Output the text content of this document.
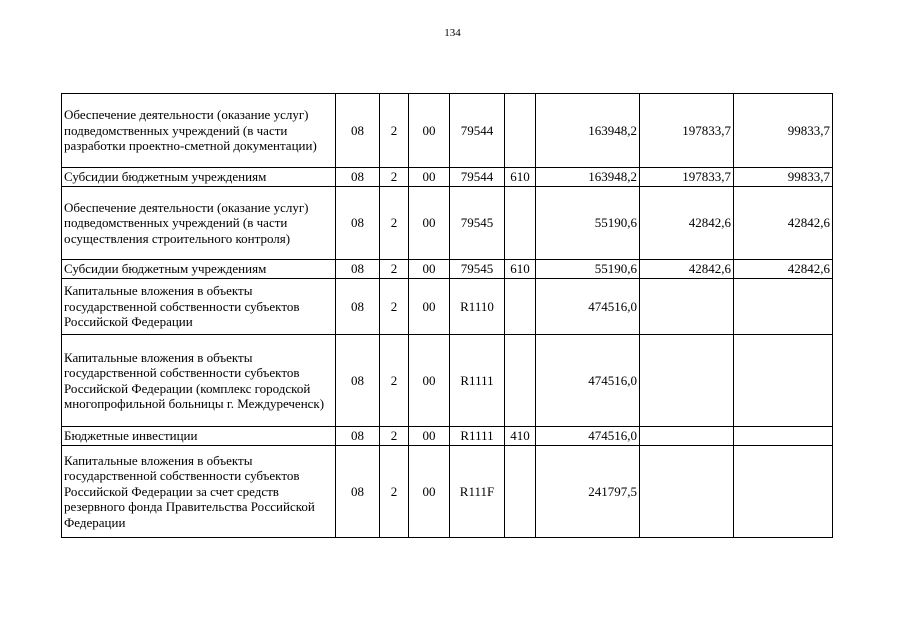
134
Обеспечение деятельности (оказание услуг) подведомственных учреждений (в части разработки проектно-сметной документации)	08	2	00	79544		163948,2	197833,7	99833,7
Субсидии бюджетным учреждениям	08	2	00	79544	610	163948,2	197833,7	99833,7
Обеспечение деятельности (оказание услуг) подведомственных учреждений (в части осуществления строительного контроля)	08	2	00	79545		55190,6	42842,6	42842,6
Субсидии бюджетным учреждениям	08	2	00	79545	610	55190,6	42842,6	42842,6
Капитальные вложения в объекты государственной собственности субъектов Российской Федерации	08	2	00	R1110		474516,0		
Капитальные вложения в объекты государственной собственности субъектов Российской Федерации (комплекс городской многопрофильной больницы г. Междуреченск)	08	2	00	R1111		474516,0		
Бюджетные инвестиции	08	2	00	R1111	410	474516,0		
Капитальные вложения в объекты государственной собственности субъектов Российской Федерации за счет средств резервного фонда Правительства Российской Федерации	08	2	00	R111F		241797,5		
